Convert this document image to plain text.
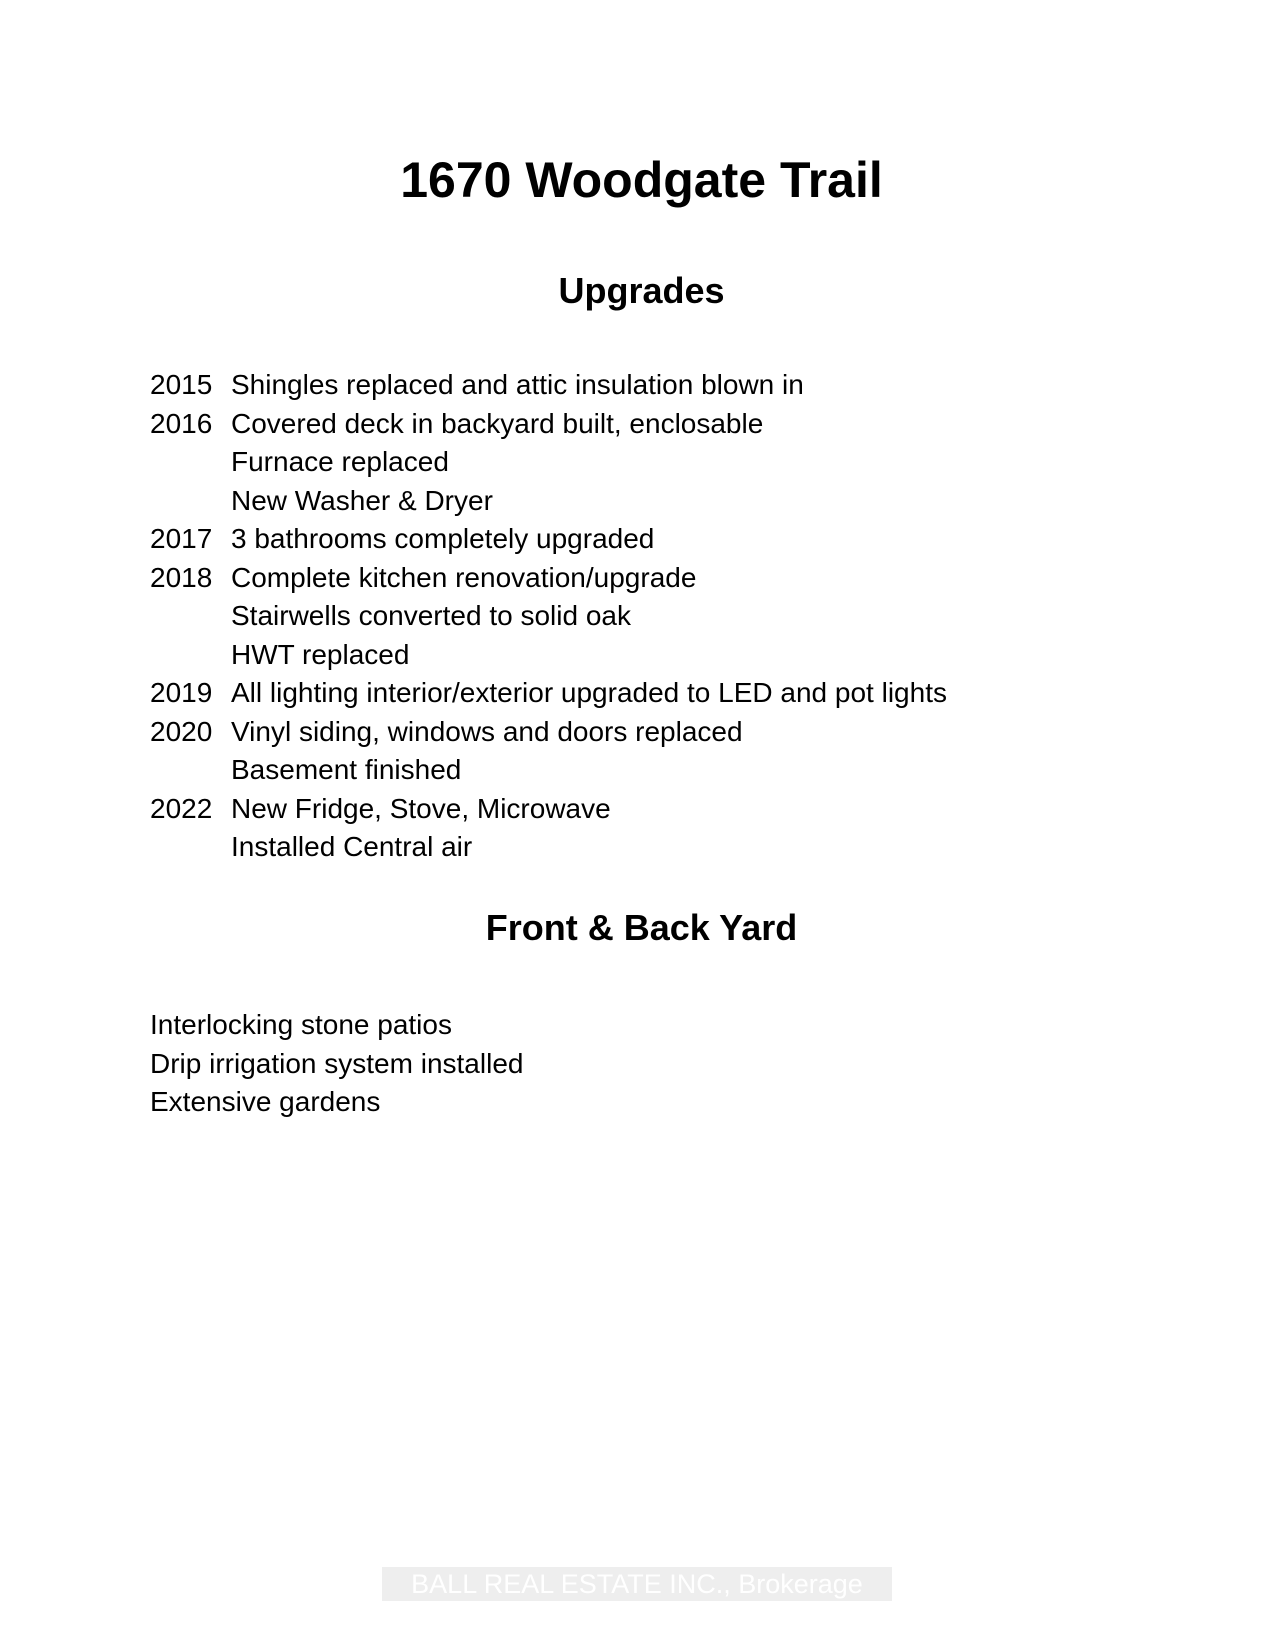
1670 Woodgate Trail
Upgrades
2015 Shingles replaced and attic insulation blown in
2016 Covered deck in backyard built, enclosable
Furnace replaced
New Washer & Dryer
2017 3 bathrooms completely upgraded
2018 Complete kitchen renovation/upgrade
Stairwells converted to solid oak
HWT replaced
2019 All lighting interior/exterior upgraded to LED and pot lights
2020 Vinyl siding, windows and doors replaced
Basement finished
2022 New Fridge, Stove, Microwave
Installed Central air
Front & Back Yard
Interlocking stone patios
Drip irrigation system installed
Extensive gardens
BALL REAL ESTATE INC., Brokerage
